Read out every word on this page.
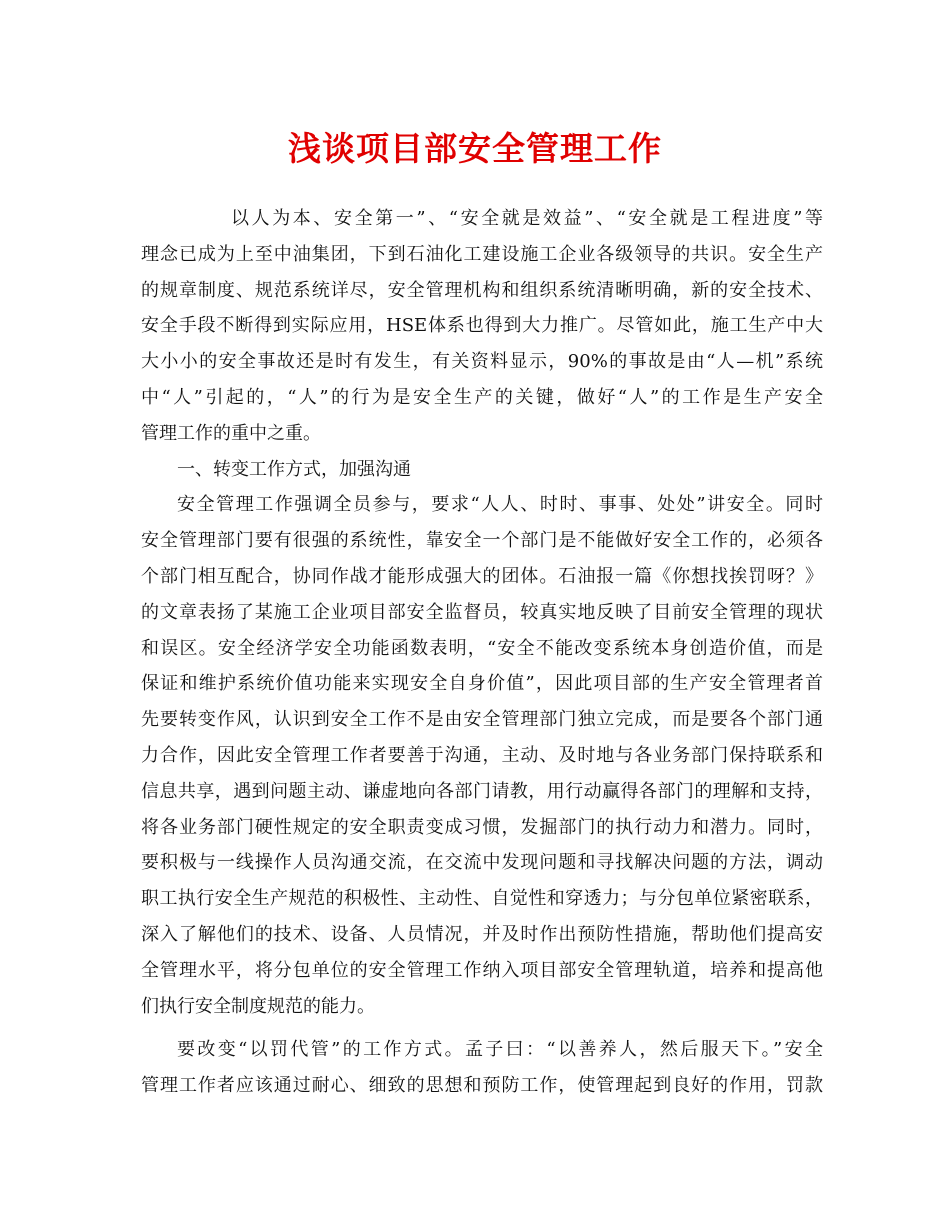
浅谈项目部安全管理工作
以人为本、安全第一”、“安全就是效益”、“安全就是工程进度”等
理念已成为上至中油集团，下到石油化工建设施工企业各级领导的共识。安全生产
的规章制度、规范系统详尽，安全管理机构和组织系统清晰明确，新的安全技术、
安全手段不断得到实际应用，HSE体系也得到大力推广。尽管如此，施工生产中大
大小小的安全事故还是时有发生，有关资料显示，90%的事故是由“人—机”系统
中“人”引起的，“人”的行为是安全生产的关键，做好“人”的工作是生产安全
管理工作的重中之重。
一、转变工作方式，加强沟通
安全管理工作强调全员参与，要求“人人、时时、事事、处处”讲安全。同时
安全管理部门要有很强的系统性，靠安全一个部门是不能做好安全工作的，必须各
个部门相互配合，协同作战才能形成强大的团体。石油报一篇《你想找挨罚呀？》
的文章表扬了某施工企业项目部安全监督员，较真实地反映了目前安全管理的现状
和误区。安全经济学安全功能函数表明，“安全不能改变系统本身创造价值，而是
保证和维护系统价值功能来实现安全自身价值”，因此项目部的生产安全管理者首
先要转变作风，认识到安全工作不是由安全管理部门独立完成，而是要各个部门通
力合作，因此安全管理工作者要善于沟通，主动、及时地与各业务部门保持联系和
信息共享，遇到问题主动、谦虚地向各部门请教，用行动赢得各部门的理解和支持，
将各业务部门硬性规定的安全职责变成习惯，发掘部门的执行动力和潜力。同时，
要积极与一线操作人员沟通交流，在交流中发现问题和寻找解决问题的方法，调动
职工执行安全生产规范的积极性、主动性、自觉性和穿透力；与分包单位紧密联系，
深入了解他们的技术、设备、人员情况，并及时作出预防性措施，帮助他们提高安
全管理水平，将分包单位的安全管理工作纳入项目部安全管理轨道，培养和提高他
们执行安全制度规范的能力。
要改变“以罚代管”的工作方式。孟子曰：“以善养人，然后服天下。”安全
管理工作者应该通过耐心、细致的思想和预防工作，使管理起到良好的作用，罚款
